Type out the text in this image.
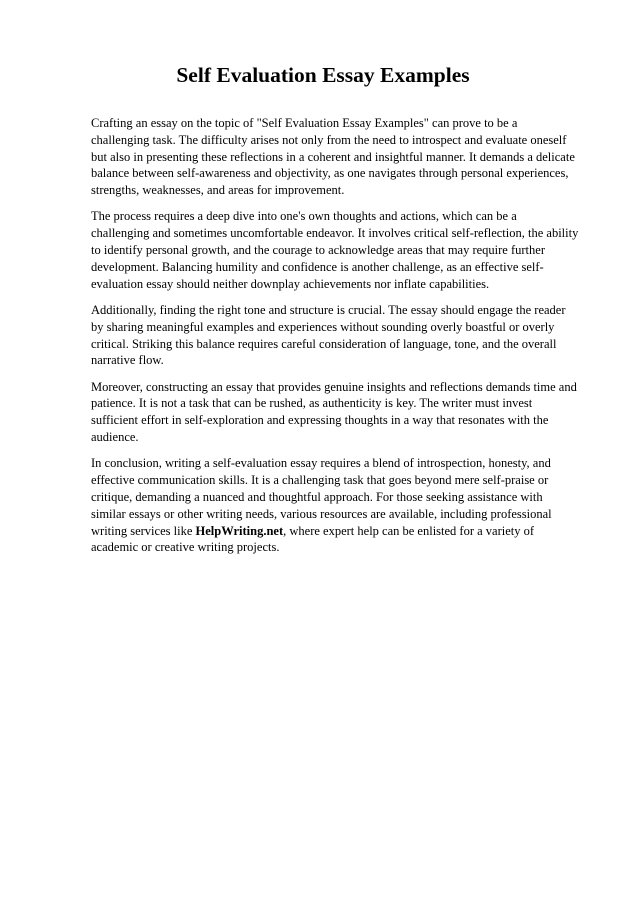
Self Evaluation Essay Examples

Crafting an essay on the topic of "Self Evaluation Essay Examples" can prove to be a
challenging task. The difficulty arises not only from the need to introspect and evaluate oneself
but also in presenting these reflections in a coherent and insightful manner. It demands a delicate
balance between self-awareness and objectivity, as one navigates through personal experiences,
strengths, weaknesses, and areas for improvement.

The process requires a deep dive into one's own thoughts and actions, which can be a
challenging and sometimes uncomfortable endeavor. It involves critical self-reflection, the ability
to identify personal growth, and the courage to acknowledge areas that may require further
development. Balancing humility and confidence is another challenge, as an effective self-
evaluation essay should neither downplay achievements nor inflate capabilities.

Additionally, finding the right tone and structure is crucial. The essay should engage the reader
by sharing meaningful examples and experiences without sounding overly boastful or overly
critical. Striking this balance requires careful consideration of language, tone, and the overall
narrative flow.

Moreover, constructing an essay that provides genuine insights and reflections demands time and
patience. It is not a task that can be rushed, as authenticity is key. The writer must invest
sufficient effort in self-exploration and expressing thoughts in a way that resonates with the
audience.

In conclusion, writing a self-evaluation essay requires a blend of introspection, honesty, and
effective communication skills. It is a challenging task that goes beyond mere self-praise or
critique, demanding a nuanced and thoughtful approach. For those seeking assistance with
similar essays or other writing needs, various resources are available, including professional
writing services like HelpWriting.net, where expert help can be enlisted for a variety of
academic or creative writing projects.
